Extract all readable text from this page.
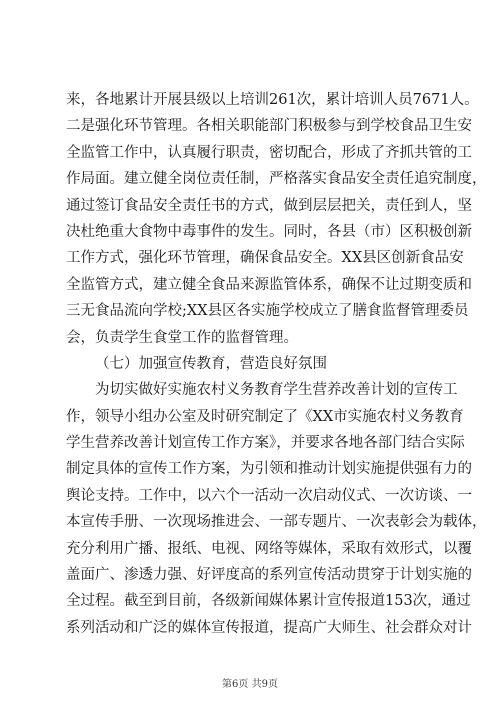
来，各地累计开展县级以上培训261次，累计培训人员7671人。
二是强化环节管理。各相关职能部门积极参与到学校食品卫生安
全监管工作中，认真履行职责，密切配合，形成了齐抓共管的工
作局面。建立健全岗位责任制，严格落实食品安全责任追究制度，
通过签订食品安全责任书的方式，做到层层把关，责任到人，坚
决杜绝重大食物中毒事件的发生。同时，各县（市）区积极创新
工作方式，强化环节管理，确保食品安全。XX县区创新食品安
全监管方式，建立健全食品来源监管体系，确保不让过期变质和
三无食品流向学校;XX县区各实施学校成立了膳食监督管理委员
会，负责学生食堂工作的监督管理。
（七）加强宣传教育，营造良好氛围
为切实做好实施农村义务教育学生营养改善计划的宣传工
作，领导小组办公室及时研究制定了《XX市实施农村义务教育
学生营养改善计划宣传工作方案》，并要求各地各部门结合实际
制定具体的宣传工作方案，为引领和推动计划实施提供强有力的
舆论支持。工作中，以六个一活动一次启动仪式、一次访谈、一
本宣传手册、一次现场推进会、一部专题片、一次表彰会为载体，
充分利用广播、报纸、电视、网络等媒体，采取有效形式，以覆
盖面广、渗透力强、好评度高的系列宣传活动贯穿于计划实施的
全过程。截至到目前，各级新闻媒体累计宣传报道153次，通过
系列活动和广泛的媒体宣传报道，提高广大师生、社会群众对计
第6页 共9页
